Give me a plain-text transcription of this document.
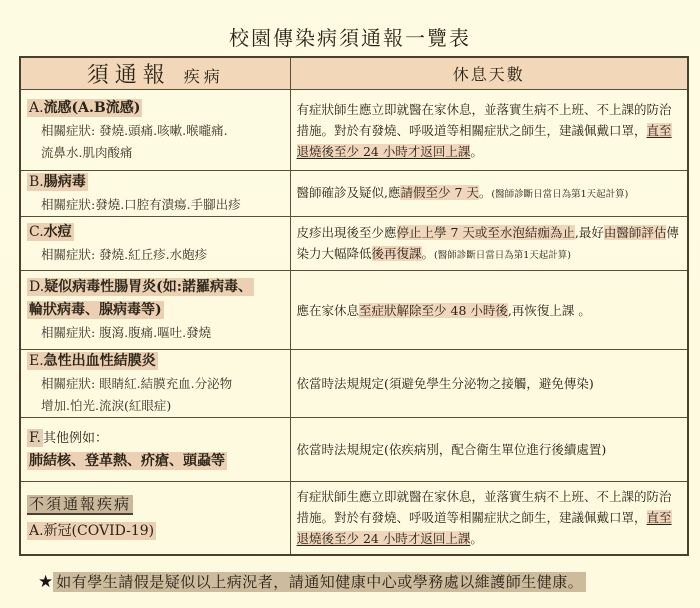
校園傳染病須通報一覽表
須通報 疾病	休息天數

A.流感(A.B流感)
相關症狀: 發燒.頭痛.咳嗽.喉嚨痛.
流鼻水.肌肉酸痛	有症狀師生應立即就醫在家休息，並落實生病不上班、不上課的防治措施。對於有發燒、呼吸道等相關症狀之師生，建議佩戴口罩，直至退燒後至少 24 小時才返回上課。

B.腸病毒
相關症狀:發燒.口腔有潰瘍.手腳出疹	醫師確診及疑似,應請假至少 7 天。(醫師診斷日當日為第1天起計算)

C.水痘
相關症狀: 發燒.紅丘疹.水皰疹	皮疹出現後至少應停止上學 7 天或至水泡結痂為止,最好由醫師評估傳染力大幅降低後再復課。(醫師診斷日當日為第1天起計算)

D.疑似病毒性腸胃炎(如:諾羅病毒、
輪狀病毒、腺病毒等)
相關症狀: 腹瀉.腹痛.嘔吐.發燒	應在家休息至症狀解除至少 48 小時後,再恢復上課 。

E.急性出血性結膜炎
相關症狀: 眼睛紅.結膜充血.分泌物
增加.怕光.流淚(紅眼症)	依當時法規規定(須避免學生分泌物之接觸，避免傳染)

F. 其他例如：
肺結核、登革熱、疥瘡、頭蝨等	依當時法規規定(依疾病別，配合衛生單位進行後續處置)

不須通報疾病
A.新冠(COVID-19)	有症狀師生應立即就醫在家休息，並落實生病不上班、不上課的防治措施。對於有發燒、呼吸道等相關症狀之師生，建議佩戴口罩，直至退燒後至少 24 小時才返回上課。
★ 如有學生請假是疑似以上病況者，請通知健康中心或學務處以維護師生健康。
